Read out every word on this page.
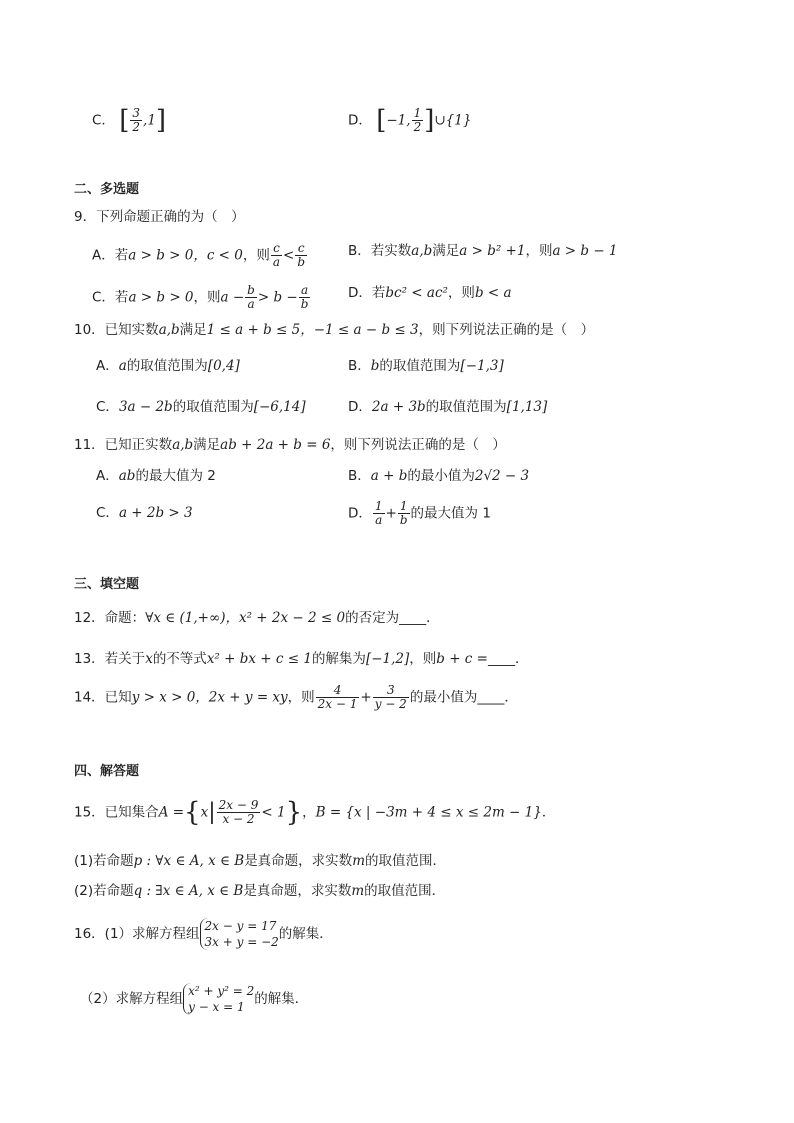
C． [ $\frac{3}{2} ,1$]	D． [−1, $\frac{1}{2}$ ]∪{1}
二、多选题
9．下列命题正确的为（　）
A．若a > b > 0，c < 0，则 $\frac{c}{a} < \frac{c}{b}$	B．若实数a,b满足a > b² +1，则a > b − 1
C．若a > b > 0，则$a - \frac{b}{a} > b - \frac{a}{b}$	D．若bc² < ac²，则b < a
10．已知实数a,b满足1 ≤ a + b ≤ 5，−1 ≤ a − b ≤ 3，则下列说法正确的是（　）
A．a的取值范围为[0,4]	B．b的取值范围为[−1,3]
C．3a − 2b的取值范围为[−6,14]	D．2a + 3b的取值范围为[1,13]
11．已知正实数a,b满足ab + 2a + b = 6，则下列说法正确的是（　）
A．ab的最大值为 2	B．a + b的最小值为2√2 − 3
C．a + 2b > 3	D． $\frac{1}{a} + \frac{1}{b}$ 的最大值为 1
三、填空题
12．命题：∀x ∈ (1,+∞)，x² + 2x − 2 ≤ 0的否定为____．
13．若关于x的不等式x² + bx + c ≤ 1的解集为[−1,2]，则b + c =____．
14．已知y > x > 0，2x + y = xy，则 $\frac{4}{2x - 1} + \frac{3}{y - 2}$ 的最小值为____．
四、解答题
15．已知集合$A =\{x| \frac{2x - 9}{x - 2} < 1\}$，B = {x | −3m + 4 ≤ x ≤ 2m − 1}．
(1)若命题p : ∀x ∈ A, x ∈ B是真命题，求实数m的取值范围．
(2)若命题q : ∃x ∈ A, x ∈ B是真命题，求实数m的取值范围．
16．(1）求解方程组 2x − y = 17
3x + y = −2 的解集．
（2）求解方程组 x² + y² = 2
y − x = 1 的解集．
